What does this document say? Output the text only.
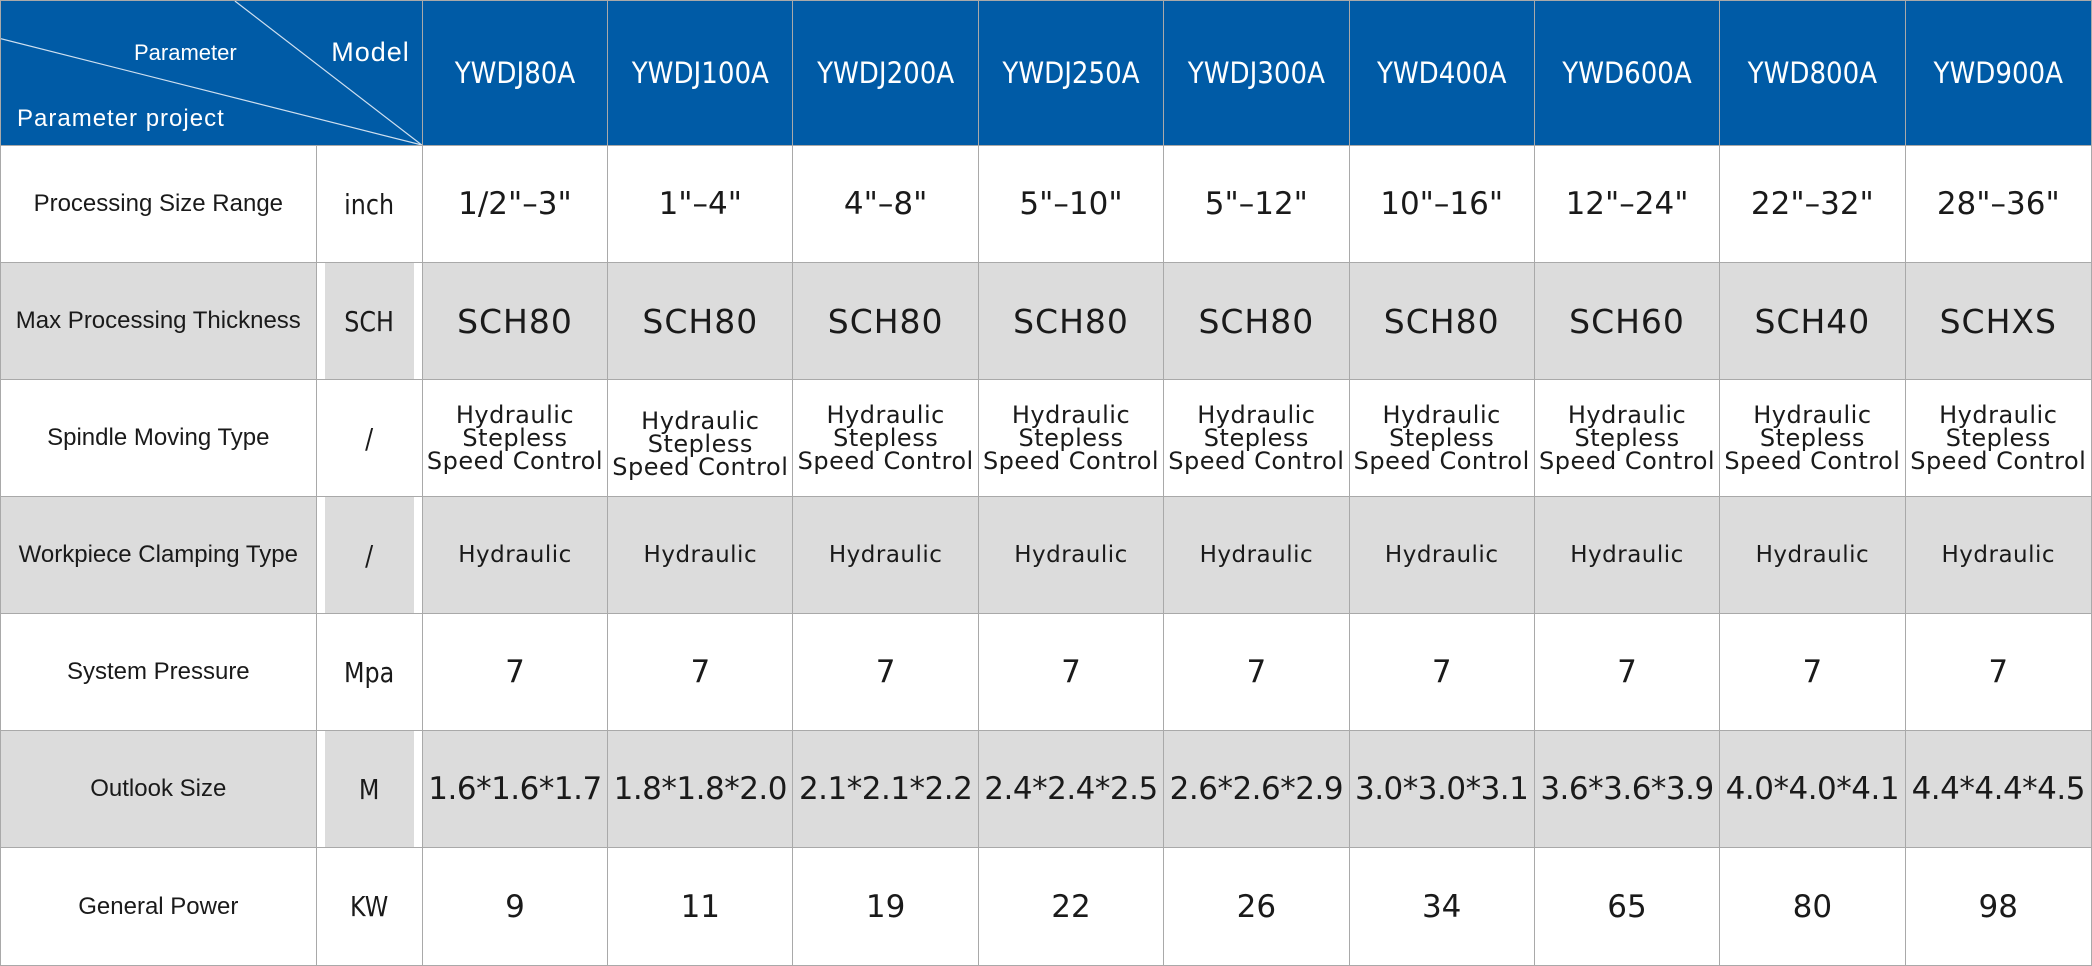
Model
Parameter
Parameter project		YWDJ80A	YWDJ100A	YWDJ200A	YWDJ250A	YWDJ300A	YWD400A	YWD600A	YWD800A	YWD900A
Processing Size Range	inch	1/2"–3"	1"–4"	4"–8"	5"–10"	5"–12"	10"–16"	12"–24"	22"–32"	28"–36"
Max Processing Thickness	SCH	SCH80	SCH80	SCH80	SCH80	SCH80	SCH80	SCH60	SCH40	SCHXS
Spindle Moving Type	/	Hydraulic
Stepless
Speed Control	Hydraulic
Stepless
Speed Control	Hydraulic
Stepless
Speed Control	Hydraulic
Stepless
Speed Control	Hydraulic
Stepless
Speed Control	Hydraulic
Stepless
Speed Control	Hydraulic
Stepless
Speed Control	Hydraulic
Stepless
Speed Control	Hydraulic
Stepless
Speed Control

Workpiece Clamping Type	/	Hydraulic	Hydraulic	Hydraulic	Hydraulic	Hydraulic	Hydraulic	Hydraulic	Hydraulic	Hydraulic
System Pressure	Mpa	7	7	7	7	7	7	7	7	7
Outlook Size	M	1.6*1.6*1.7	1.8*1.8*2.0	2.1*2.1*2.2	2.4*2.4*2.5	2.6*2.6*2.9	3.0*3.0*3.1	3.6*3.6*3.9	4.0*4.0*4.1	4.4*4.4*4.5
General Power	KW	9	11	19	22	26	34	65	80	98
